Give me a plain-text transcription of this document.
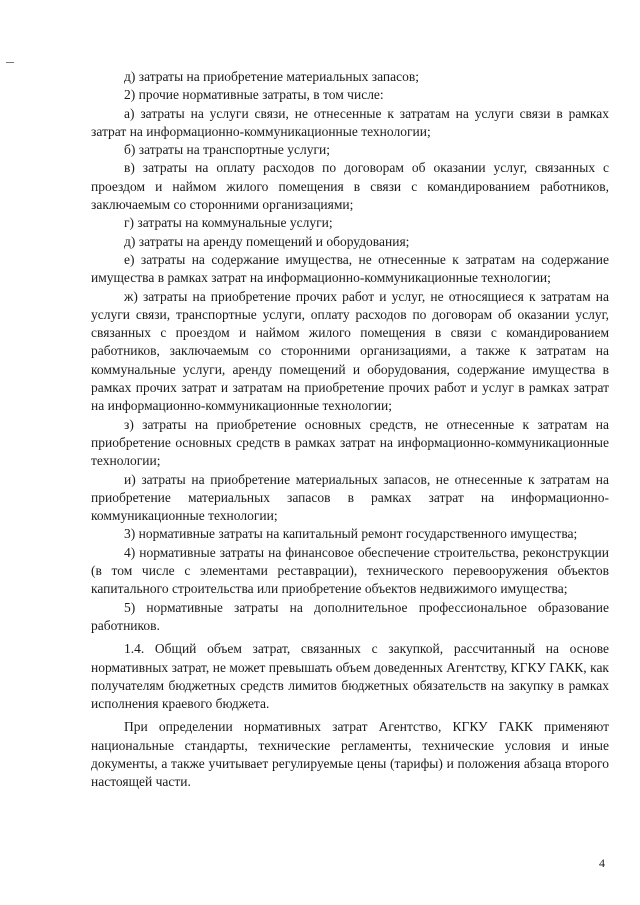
д) затраты на приобретение материальных запасов;

2) прочие нормативные затраты, в том числе:

а) затраты на услуги связи, не отнесенные к затратам на услуги связи в рамках затрат на информационно-коммуникационные технологии;

б) затраты на транспортные услуги;

в) затраты на оплату расходов по договорам об оказании услуг, связанных с проездом и наймом жилого помещения в связи с командированием работников, заключаемым со сторонними организациями;

г) затраты на коммунальные услуги;

д) затраты на аренду помещений и оборудования;

е) затраты на содержание имущества, не отнесенные к затратам на содержание имущества в рамках затрат на информационно-коммуникационные технологии;

ж) затраты на приобретение прочих работ и услуг, не относящиеся к затратам на услуги связи, транспортные услуги, оплату расходов по договорам об оказании услуг, связанных с проездом и наймом жилого помещения в связи с командированием работников, заключаемым со сторонними организациями, а также к затратам на коммунальные услуги, аренду помещений и оборудования, содержание имущества в рамках прочих затрат и затратам на приобретение прочих работ и услуг в рамках затрат на информационно-коммуникационные технологии;

з) затраты на приобретение основных средств, не отнесенные к затратам на приобретение основных средств в рамках затрат на информационно-коммуникационные технологии;

и) затраты на приобретение материальных запасов, не отнесенные к затратам на приобретение материальных запасов в рамках затрат на информационно-коммуникационные технологии;

3) нормативные затраты на капитальный ремонт государственного имущества;

4) нормативные затраты на финансовое обеспечение строительства, реконструкции (в том числе с элементами реставрации), технического перевооружения объектов капитального строительства или приобретение объектов недвижимого имущества;

5) нормативные затраты на дополнительное профессиональное образование работников.

1.4. Общий объем затрат, связанных с закупкой, рассчитанный на основе нормативных затрат, не может превышать объем доведенных Агентству, КГКУ ГАКК, как получателям бюджетных средств лимитов бюджетных обязательств на закупку в рамках исполнения краевого бюджета.

При определении нормативных затрат Агентство, КГКУ ГАКК применяют национальные стандарты, технические регламенты, технические условия и иные документы, а также учитывает регулируемые цены (тарифы) и положения абзаца второго настоящей части.

4
